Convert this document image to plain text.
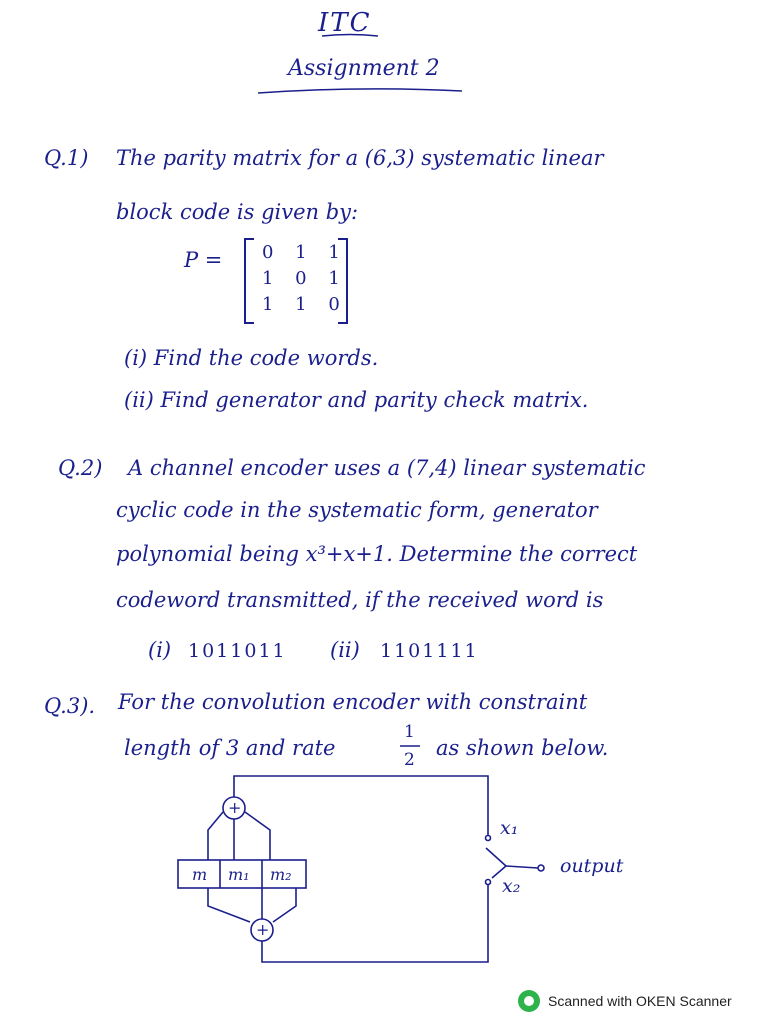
ITC
Assignment 2
Q.1) The parity matrix for a (6,3) systematic linear
block code is given by:
P = 0 1 1
1 0 1
1 1 0
(i) Find the code words.
(ii) Find generator and parity check matrix.
Q.2) A channel encoder uses a (7,4) linear systematic
cyclic code in the systematic form, generator
polynomial being x³+x+1. Determine the correct
codeword transmitted, if the received word is
(i) 1011011 (ii) 1101111
Q.3). For the convolution encoder with constraint
length of 3 and rate
1
2 as shown below.
+
+
m m₁ m₂
x₁
x₂
output
Scanned with OKEN Scanner
